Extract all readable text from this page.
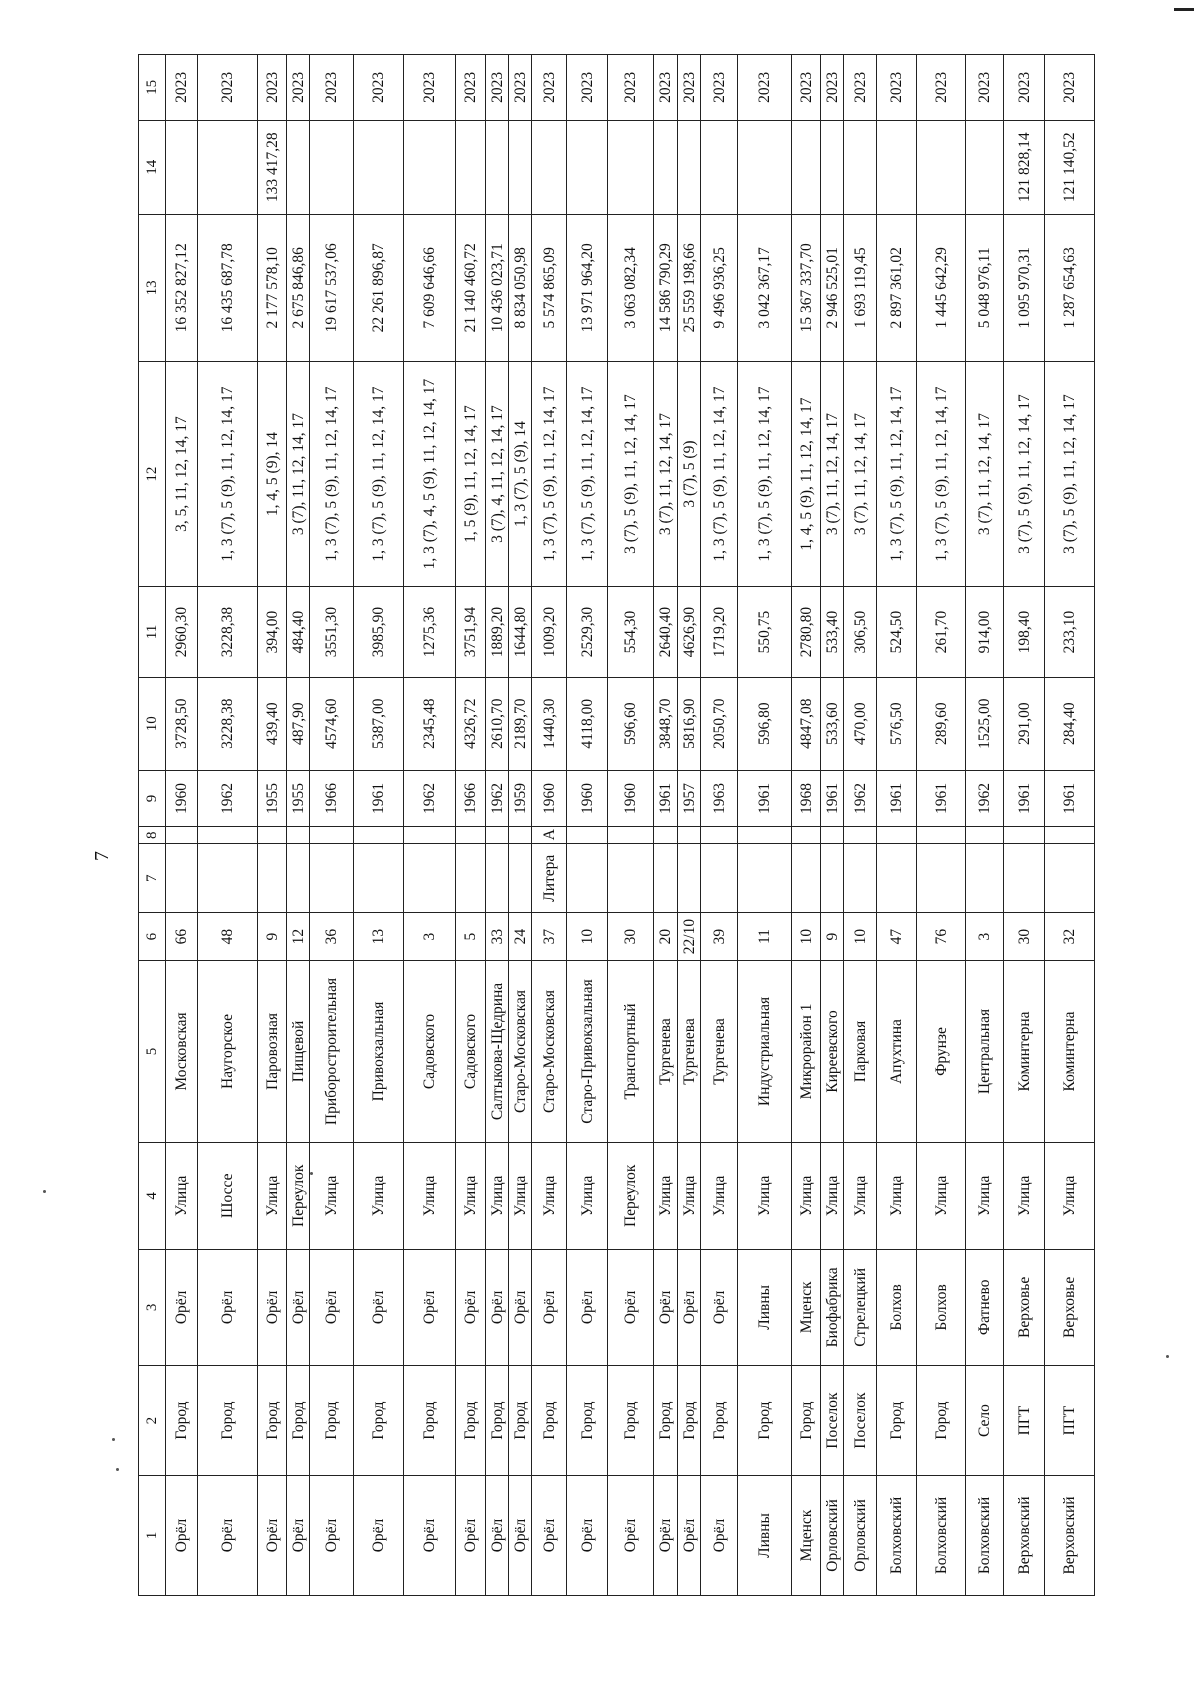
7
1	2	3	4	5	6	7	8	9	10	11	12	13	14	15
Орёл	Город	Орёл	Улица	Московская	66			1960	3728,50	2960,30	3, 5, 11, 12, 14, 17	16 352 827,12		2023
Орёл	Город	Орёл	Шоссе	Наугорское	48			1962	3228,38	3228,38	1, 3 (7), 5 (9), 11, 12, 14, 17	16 435 687,78		2023
Орёл	Город	Орёл	Улица	Паровозная	9			1955	439,40	394,00	1, 4, 5 (9), 14	2 177 578,10	133 417,28	2023
Орёл	Город	Орёл	Переулок	Пищевой	12			1955	487,90	484,40	3 (7), 11, 12, 14, 17	2 675 846,86		2023
Орёл	Город	Орёл	Улица	Приборостроительная	36			1966	4574,60	3551,30	1, 3 (7), 5 (9), 11, 12, 14, 17	19 617 537,06		2023
Орёл	Город	Орёл	Улица	Привокзальная	13			1961	5387,00	3985,90	1, 3 (7), 5 (9), 11, 12, 14, 17	22 261 896,87		2023
Орёл	Город	Орёл	Улица	Садовского	3			1962	2345,48	1275,36	1, 3 (7), 4, 5 (9), 11, 12, 14, 17	7 609 646,66		2023
Орёл	Город	Орёл	Улица	Садовского	5			1966	4326,72	3751,94	1, 5 (9), 11, 12, 14, 17	21 140 460,72		2023
Орёл	Город	Орёл	Улица	Салтыкова-Щедрина	33			1962	2610,70	1889,20	3 (7), 4, 11, 12, 14, 17	10 436 023,71		2023
Орёл	Город	Орёл	Улица	Старо-Московская	24			1959	2189,70	1644,80	1, 3 (7), 5 (9), 14	8 834 050,98		2023
Орёл	Город	Орёл	Улица	Старо-Московская	37	Литера	А	1960	1440,30	1009,20	1, 3 (7), 5 (9), 11, 12, 14, 17	5 574 865,09		2023
Орёл	Город	Орёл	Улица	Старо-Привокзальная	10			1960	4118,00	2529,30	1, 3 (7), 5 (9), 11, 12, 14, 17	13 971 964,20		2023
Орёл	Город	Орёл	Переулок	Транспортный	30			1960	596,60	554,30	3 (7), 5 (9), 11, 12, 14, 17	3 063 082,34		2023
Орёл	Город	Орёл	Улица	Тургенева	20			1961	3848,70	2640,40	3 (7), 11, 12, 14, 17	14 586 790,29		2023
Орёл	Город	Орёл	Улица	Тургенева	22/10			1957	5816,90	4626,90	3 (7), 5 (9)	25 559 198,66		2023
Орёл	Город	Орёл	Улица	Тургенева	39			1963	2050,70	1719,20	1, 3 (7), 5 (9), 11, 12, 14, 17	9 496 936,25		2023
Ливны	Город	Ливны	Улица	Индустриальная	11			1961	596,80	550,75	1, 3 (7), 5 (9), 11, 12, 14, 17	3 042 367,17		2023
Мценск	Город	Мценск	Улица	Микрорайон 1	10			1968	4847,08	2780,80	1, 4, 5 (9), 11, 12, 14, 17	15 367 337,70		2023
Орловский	Поселок	Биофабрика	Улица	Киреевского	9			1961	533,60	533,40	3 (7), 11, 12, 14, 17	2 946 525,01		2023
Орловский	Поселок	Стрелецкий	Улица	Парковая	10			1962	470,00	306,50	3 (7), 11, 12, 14, 17	1 693 119,45		2023
Болховский	Город	Болхов	Улица	Апухтина	47			1961	576,50	524,50	1, 3 (7), 5 (9), 11, 12, 14, 17	2 897 361,02		2023
Болховский	Город	Болхов	Улица	Фрунзе	76			1961	289,60	261,70	1, 3 (7), 5 (9), 11, 12, 14, 17	1 445 642,29		2023
Болховский	Село	Фатнево	Улица	Центральная	3			1962	1525,00	914,00	3 (7), 11, 12, 14, 17	5 048 976,11		2023
Верховский	ПГТ	Верховье	Улица	Коминтерна	30			1961	291,00	198,40	3 (7), 5 (9), 11, 12, 14, 17	1 095 970,31	121 828,14	2023
Верховский	ПГТ	Верховье	Улица	Коминтерна	32			1961	284,40	233,10	3 (7), 5 (9), 11, 12, 14, 17	1 287 654,63	121 140,52	2023
